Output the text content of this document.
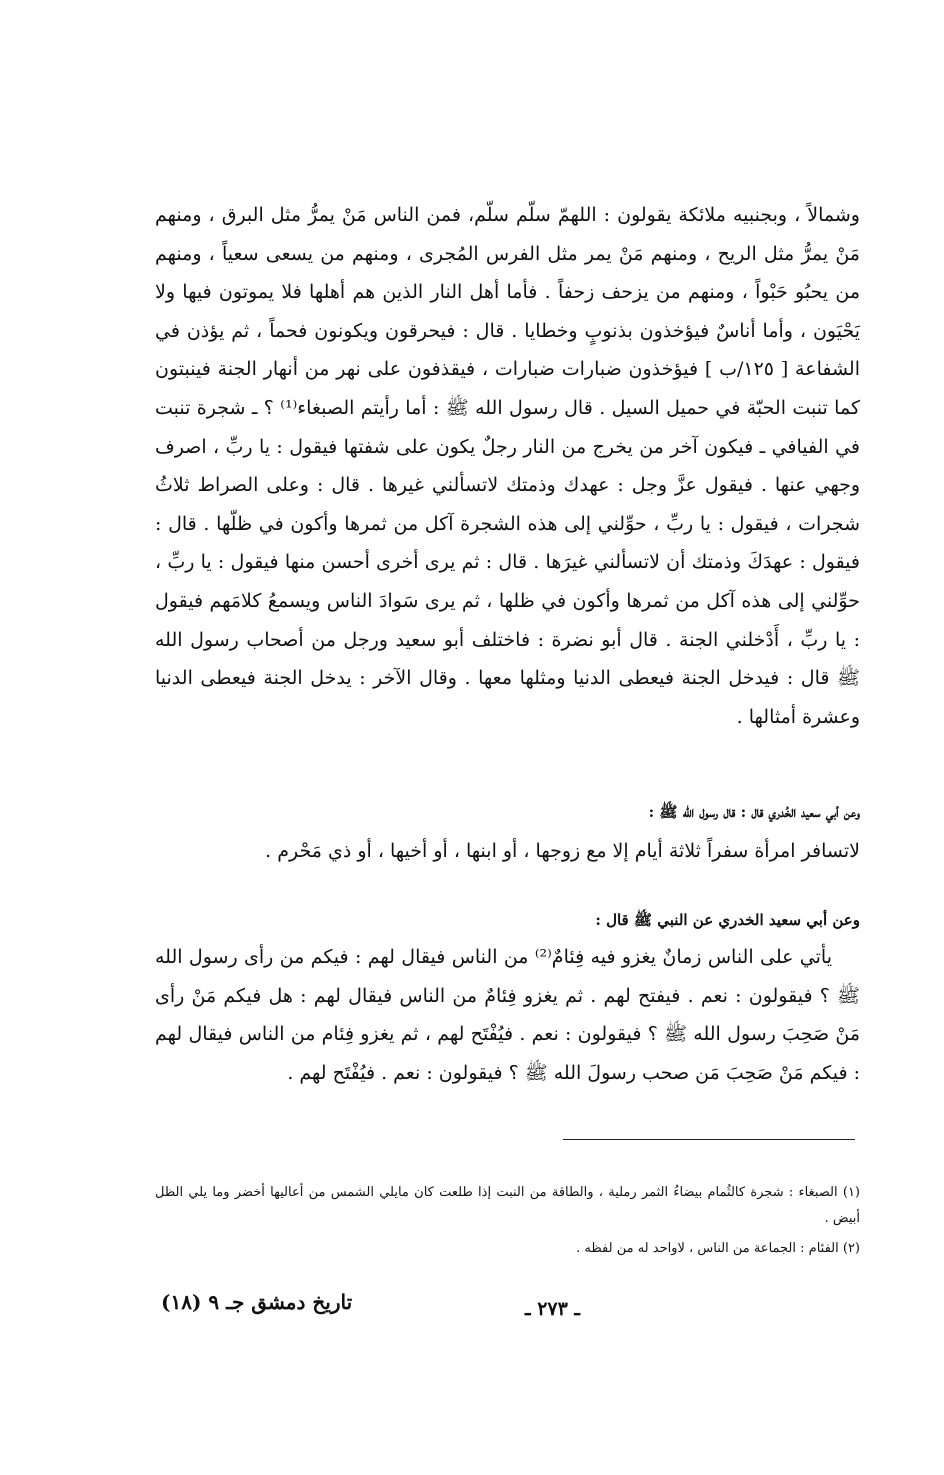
وشمالاً ، وبجنبيه ملائكة يقولون : اللهمّ سلّم سلّم، فمن الناس مَنْ يمرُّ مثل البرق ، ومنهم مَنْ يمرُّ مثل الريح ، ومنهم مَنْ يمر مثل الفرس المُجرى ، ومنهم من يسعى سعياً ، ومنهم من يحبُو حَبْواً ، ومنهم من يزحف زحفاً . فأما أهل النار الذين هم أهلها فلا يموتون فيها ولا يَحْيَون ، وأما أناسٌ فيؤخذون بذنوبٍ وخطايا . قال : فيحرقون ويكونون فحماً ، ثم يؤذن في الشفاعة [ ١٢٥/ب ] فيؤخذون ضبارات ضبارات ، فيقذفون على نهر من أنهار الجنة فينبتون كما تنبت الحبّة في حميل السيل . قال رسول الله ﷺ : أما رأيتم الصبغاء⁽¹⁾ ؟ ـ شجرة تنبت في الفيافي ـ فيكون آخر من يخرج من النار رجلٌ يكون على شفتها فيقول : يا ربِّ ، اصرف وجهي عنها . فيقول عزَّ وجل : عهدك وذمتك لاتسألني غيرها . قال : وعلى الصراط ثلاثُ شجرات ، فيقول : يا ربِّ ، حوِّلني إلى هذه الشجرة آكل من ثمرها وأكون في ظلّها . قال : فيقول : عهدَكَ وذمتك أن لاتسألني غيرَها . قال : ثم يرى أخرى أحسن منها فيقول : يا ربِّ ، حوِّلني إلى هذه آكل من ثمرها وأكون في ظلها ، ثم يرى سَوادَ الناس ويسمعُ كلامَهم فيقول : يا ربِّ ، أَدْخلني الجنة . قال أبو نضرة : فاختلف أبو سعيد ورجل من أصحاب رسول الله ﷺ قال : فيدخل الجنة فيعطى الدنيا ومثلها معها . وقال الآخر : يدخل الجنة فيعطى الدنيا وعشرة أمثالها .

وعن أبي سعيد الخُدري قال : قال رسول الله ﷺ :

لاتسافر امرأة سفراً ثلاثة أيام إلا مع زوجها ، أو ابنها ، أو أخيها ، أو ذي مَحْرم .

وعن أبي سعيد الخدري عن النبي ﷺ قال :

يأتي على الناس زمانٌ يغزو فيه فِئامٌ⁽²⁾ من الناس فيقال لهم : فيكم من رأى رسول الله ﷺ ؟ فيقولون : نعم . فيفتح لهم . ثم يغزو فِئامٌ من الناس فيقال لهم : هل فيكم مَنْ رأى مَنْ صَحِبَ رسول الله ﷺ ؟ فيقولون : نعم . فيُفْتَح لهم ، ثم يغزو فِئام من الناس فيقال لهم : فيكم مَنْ صَحِبَ مَن صحب رسولَ الله ﷺ ؟ فيقولون : نعم . فيُفْتَح لهم .

(١) الصبغاء : شجرة كالثُمام بيضاءُ الثمر رملية ، والطاقة من النبت إذا طلعت كان مايلي الشمس من أعاليها أخضر وما يلي الظل أبيض .

(٢) الفئام : الجماعة من الناس ، لاواحد له من لفظه .

ـ ٢٧٣ ـ
تاريخ دمشق جـ ٩ (١٨)
